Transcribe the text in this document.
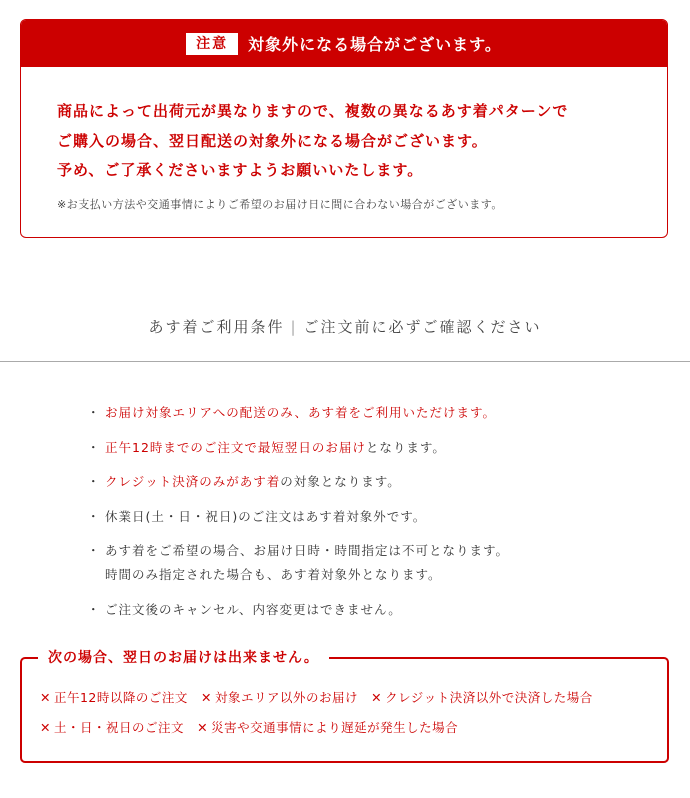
注意	対象外になる場合がございます。
商品によって出荷元が異なりますので、複数の異なるあす着パターンで
ご購入の場合、翌日配送の対象外になる場合がございます。
予め、ご了承くださいますようお願いいたします。
※お支払い方法や交通事情によりご希望のお届け日に間に合わない場合がございます。
あす着ご利用条件 | ご注文前に必ずご確認ください
・ お届け対象エリアへの配送のみ、あす着をご利用いただけます。
・ 正午12時までのご注文で最短翌日のお届けとなります。
・ クレジット決済のみがあす着の対象となります。
・ 休業日(土・日・祝日)のご注文はあす着対象外です。
・ あす着をご希望の場合、お届け日時・時間指定は不可となります。
時間のみ指定された場合も、あす着対象外となります。
・ ご注文後のキャンセル、内容変更はできません。
次の場合、翌日のお届けは出来ません。
✕ 正午12時以降のご注文 ✕ 対象エリア以外のお届け ✕ クレジット決済以外で決済した場合
✕ 土・日・祝日のご注文 ✕ 災害や交通事情により遅延が発生した場合
